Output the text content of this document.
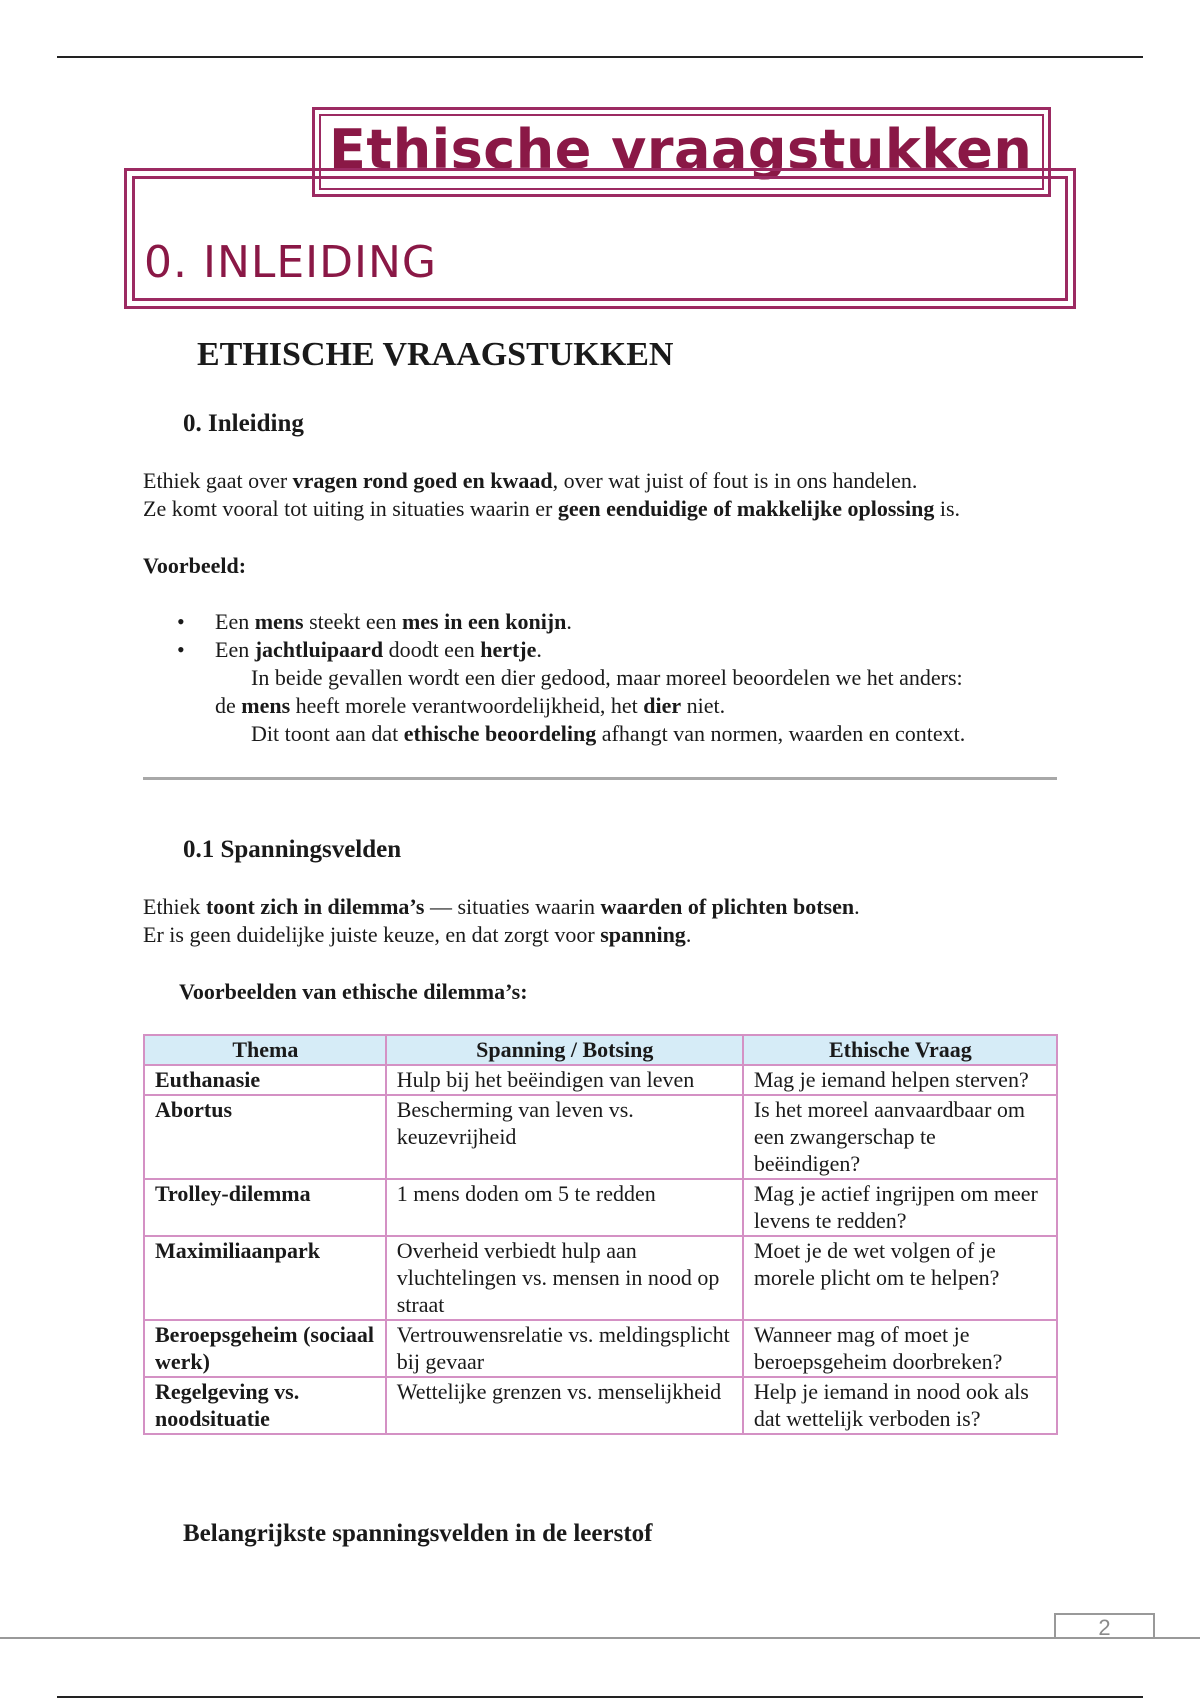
Ethische vraagstukken
0. INLEIDING
ETHISCHE VRAAGSTUKKEN
0. Inleiding

Ethiek gaat over vragen rond goed en kwaad, over wat juist of fout is in ons handelen.

Ze komt vooral tot uiting in situaties waarin er geen eenduidige of makkelijke oplossing is.

Voorbeeld:

• Een mens steekt een mes in een konijn.
• Een jachtluipaard doodt een hertje.
In beide gevallen wordt een dier gedood, maar moreel beoordelen we het anders:
de mens heeft morele verantwoordelijkheid, het dier niet.
Dit toont aan dat ethische beoordeling afhangt van normen, waarden en context.
0.1 Spanningsvelden

Ethiek toont zich in dilemma’s — situaties waarin waarden of plichten botsen.

Er is geen duidelijke juiste keuze, en dat zorgt voor spanning.

Voorbeelden van ethische dilemma’s:

Thema	Spanning / Botsing	Ethische Vraag
Euthanasie	Hulp bij het beëindigen van leven	Mag je iemand helpen sterven?
Abortus	Bescherming van leven vs. keuzevrijheid	Is het moreel aanvaardbaar om een zwangerschap te beëindigen?
Trolley-dilemma	1 mens doden om 5 te redden	Mag je actief ingrijpen om meer levens te redden?
Maximiliaanpark	Overheid verbiedt hulp aan vluchtelingen vs. mensen in nood op straat	Moet je de wet volgen of je morele plicht om te helpen?
Beroepsgeheim (sociaal werk)	Vertrouwensrelatie vs. meldingsplicht bij gevaar	Wanneer mag of moet je beroepsgeheim doorbreken?
Regelgeving vs. noodsituatie	Wettelijke grenzen vs. menselijkheid	Help je iemand in nood ook als dat wettelijk verboden is?
Belangrijkste spanningsvelden in de leerstof
2
